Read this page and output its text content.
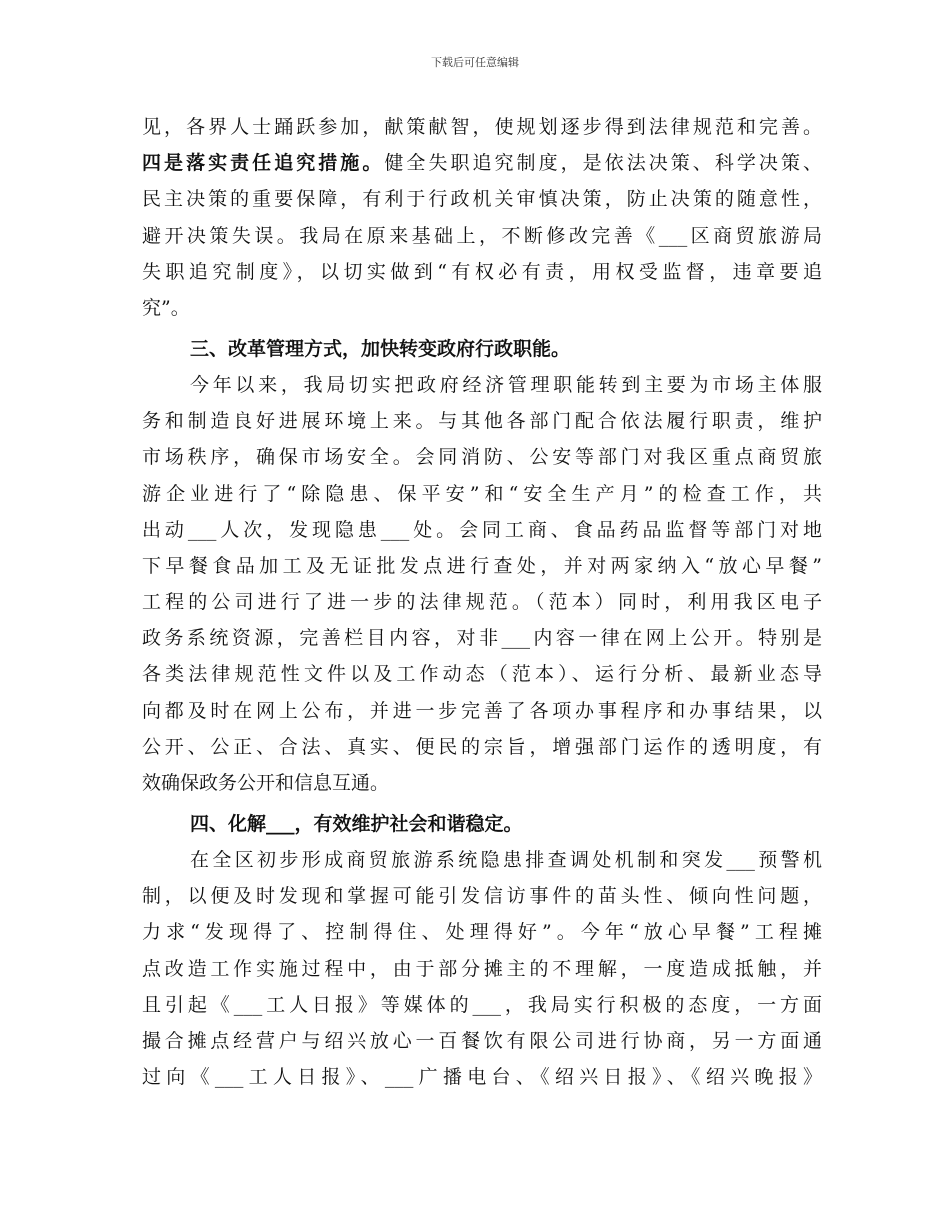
下载后可任意编辑
见，各界人士踊跃参加，献策献智，使规划逐步得到法律规范和完善。
四是落实责任追究措施。健全失职追究制度，是依法决策、科学决策、
民主决策的重要保障，有利于行政机关审慎决策，防止决策的随意性，
避开决策失误。我局在原来基础上，不断修改完善《___区商贸旅游局
失职追究制度》，以切实做到“有权必有责，用权受监督，违章要追
究”。
三、改革管理方式，加快转变政府行政职能。
今年以来，我局切实把政府经济管理职能转到主要为市场主体服
务和制造良好进展环境上来。与其他各部门配合依法履行职责，维护
市场秩序，确保市场安全。会同消防、公安等部门对我区重点商贸旅
游企业进行了“除隐患、保平安”和“安全生产月”的检查工作，共
出动___人次，发现隐患___处。会同工商、食品药品监督等部门对地
下早餐食品加工及无证批发点进行查处，并对两家纳入“放心早餐”
工程的公司进行了进一步的法律规范。（范本）同时，利用我区电子
政务系统资源，完善栏目内容，对非___内容一律在网上公开。特别是
各类法律规范性文件以及工作动态（范本）、运行分析、最新业态导
向都及时在网上公布，并进一步完善了各项办事程序和办事结果，以
公开、公正、合法、真实、便民的宗旨，增强部门运作的透明度，有
效确保政务公开和信息互通。
四、化解___，有效维护社会和谐稳定。
在全区初步形成商贸旅游系统隐患排查调处机制和突发___预警机
制，以便及时发现和掌握可能引发信访事件的苗头性、倾向性问题，
力求“发现得了、控制得住、处理得好”。今年“放心早餐”工程摊
点改造工作实施过程中，由于部分摊主的不理解，一度造成抵触，并
且引起《___工人日报》等媒体的___，我局实行积极的态度，一方面
撮合摊点经营户与绍兴放心一百餐饮有限公司进行协商，另一方面通
过向《___工人日报》、___广播电台、《绍兴日报》、《绍兴晚报》
